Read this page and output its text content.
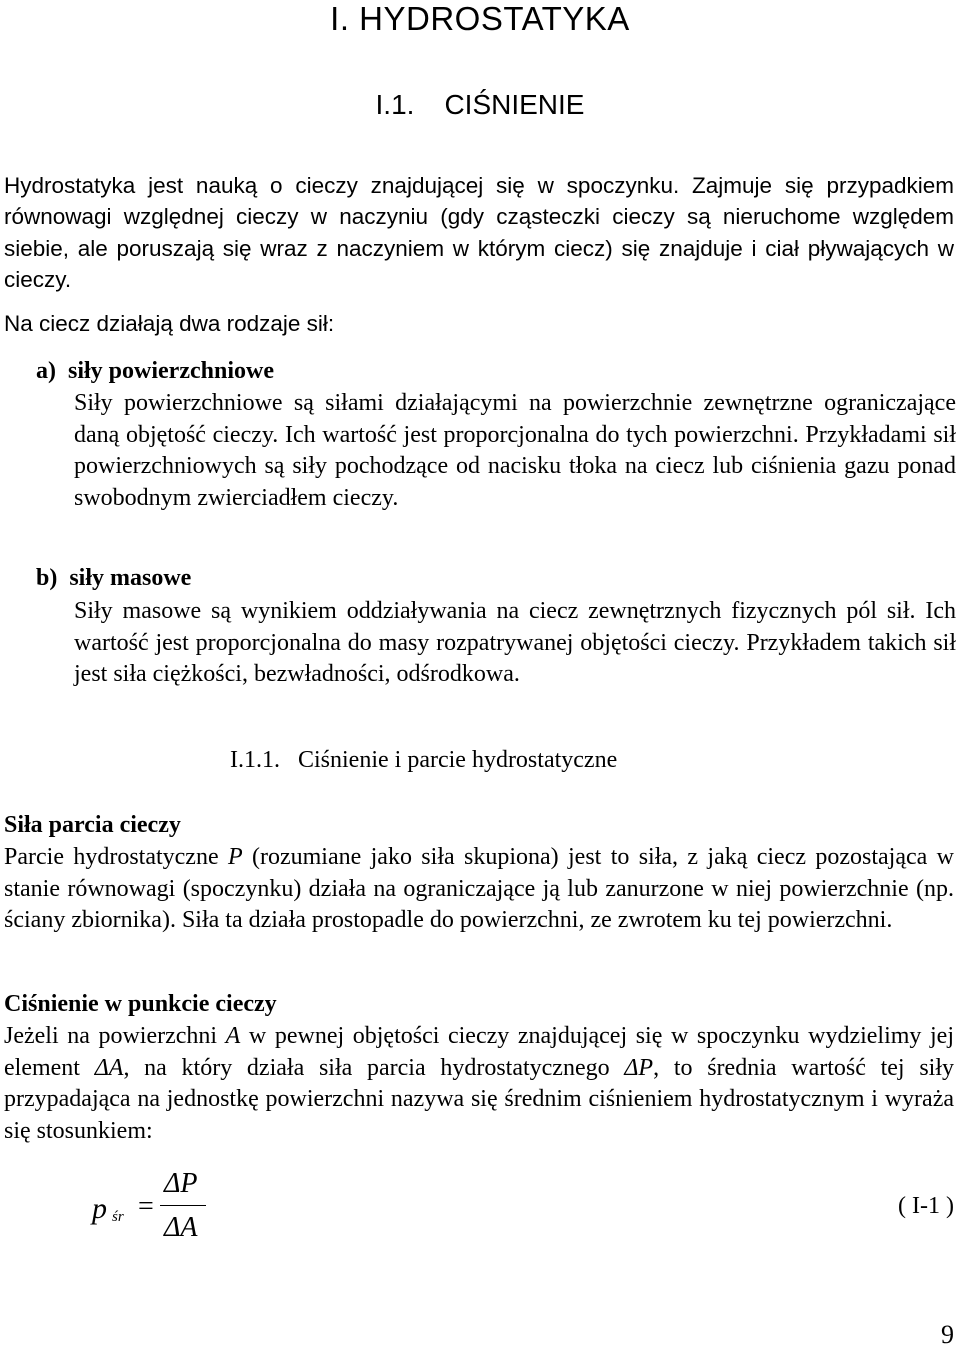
I. HYDROSTATYKA
I.1. CIŚNIENIE

Hydrostatyka jest nauką o cieczy znajdującej się w spoczynku. Zajmuje się przypadkiem równowagi względnej cieczy w naczyniu (gdy cząsteczki cieczy są nieruchome względem siebie, ale poruszają się wraz z naczyniem w którym ciecz) się znajduje i ciał pływających w cieczy.

Na ciecz działają dwa rodzaje sił:

a) siły powierzchniowe

Siły powierzchniowe są siłami działającymi na powierzchnie zewnętrzne ograniczające daną objętość cieczy. Ich wartość jest proporcjonalna do tych powierzchni. Przykładami sił powierzchniowych są siły pochodzące od nacisku tłoka na ciecz lub ciśnienia gazu ponad swobodnym zwierciadłem cieczy.

b) siły masowe

Siły masowe są wynikiem oddziaływania na ciecz zewnętrznych fizycznych pól sił. Ich wartość jest proporcjonalna do masy rozpatrywanej objętości cieczy. Przykładem takich sił jest siła ciężkości, bezwładności, odśrodkowa.

I.1.1. Ciśnienie i parcie hydrostatyczne
Siła parcia cieczy

Parcie hydrostatyczne P (rozumiane jako siła skupiona) jest to siła, z jaką ciecz pozostająca w stanie równowagi (spoczynku) działa na ograniczające ją lub zanurzone w niej powierzchnie (np. ściany zbiornika). Siła ta działa prostopadle do powierzchni, ze zwrotem ku tej powierzchni.

Ciśnienie w punkcie cieczy

Jeżeli na powierzchni A w pewnej objętości cieczy znajdującej się w spoczynku wydzielimy jej element ΔA, na który działa siła parcia hydrostatycznego ΔP, to średnia wartość tej siły przypadająca na jednostkę powierzchni nazywa się średnim ciśnieniem hydrostatycznym i wyraża się stosunkiem:

p śr =
ΔP
ΔA
( I-1 )
9
